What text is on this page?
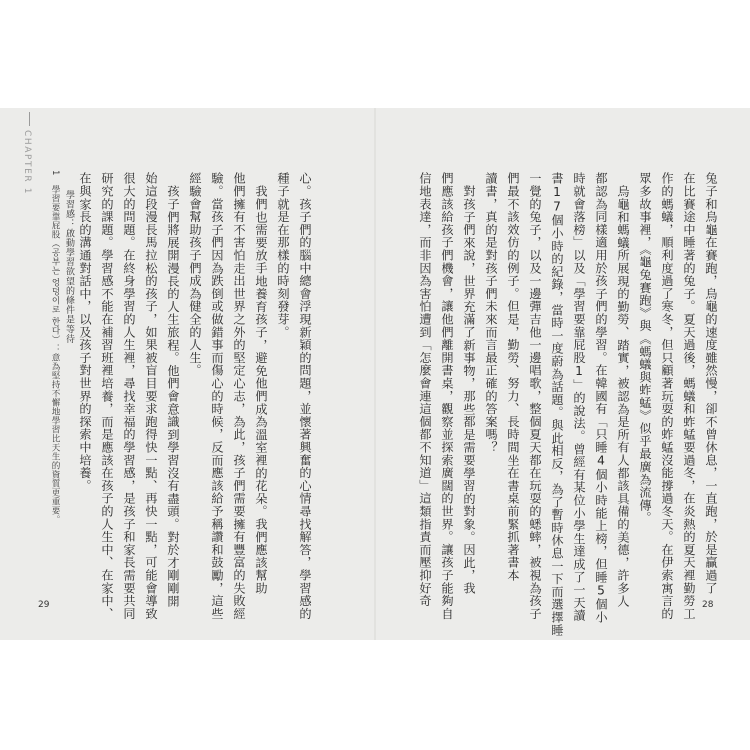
CHAPTER 1
1　學習要靠屁股（공부는 엉덩이로 한다）：意為堅持不懈地學習比天生的資質更重要。 學習感：啟動學習欲望的條件是等待	心。孩子們的腦中總會浮現新穎的問題，並懷著興奮的心情尋找解答，學習感的
種子就是在那樣的時刻發芽。
我們也需要放手地養育孩子，避免他們成為溫室裡的花朵。我們應該幫助
他們擁有不害怕走出世界之外的堅定心志，為此，孩子們需要擁有豐富的失敗經
驗。當孩子們因為跌倒或做錯事而傷心的時候，反而應該給予稱讚和鼓勵，這些
經驗會幫助孩子們成為健全的人生。
孩子們將展開漫長的人生旅程。他們會意識到學習沒有盡頭。對於才剛剛開
始這段漫長馬拉松的孩子，如果被盲目要求跑得快一點、再快一點，可能會導致
很大的問題。在終身學習的人生裡，尋找幸福的學習感，是孩子和家長需要共同
研究的課題。學習感不能在補習班裡培養，而是應該在孩子的人生中、在家中、
在與家長的溝通對話中，以及孩子對世界的探索中培養。
29
兔子和烏龜在賽跑，烏龜的速度雖然慢，卻不曾休息，一直跑，於是贏過了
在比賽途中睡著的兔子。夏天過後，螞蟻和蚱蜢要過冬，在炎熱的夏天裡勤勞工
作的螞蟻，順利度過了寒冬，但只顧著玩耍的蚱蜢沒能撐過冬天。在伊索寓言的
眾多故事裡，《龜兔賽跑》與《螞蟻與蚱蜢》似乎最廣為流傳。
烏龜和螞蟻所展現的勤勞、踏實，被認為是所有人都該具備的美德，許多人
都認為同樣適用於孩子們的學習。在韓國有「只睡4個小時能上榜，但睡5個小
時就會落榜」以及「學習要靠屁股1」的說法。曾經有某位小學生達成了一天讀
書17個小時的紀錄，當時一度蔚為話題。與此相反，為了暫時休息一下而選擇睡
一覺的兔子，以及一邊彈吉他一邊唱歌，整個夏天都在玩耍的蟋蟀，被視為孩子
們最不該效仿的例子。但是，勤勞、努力、長時間坐在書桌前緊抓著書本
讀書，真的是對孩子們未來而言最正確的答案嗎？
對孩子們來說，世界充滿了新事物，那些都是需要學習的對象。因此，我
們應該給孩子們機會，讓他們離開書桌，觀察並探索廣闊的世界。讓孩子能夠自
信地表達，而非因為害怕遭到「怎麼會連這個都不知道」這類指責而壓抑好奇	28
